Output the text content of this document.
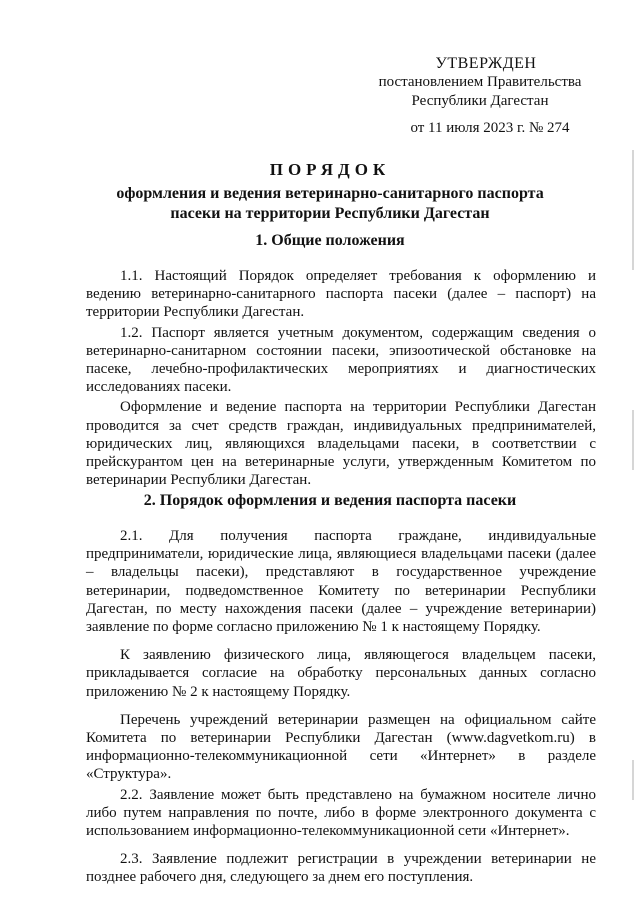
УТВЕРЖДЕН
постановлением Правительства
Республики Дагестан
от 11 июля 2023 г. № 274
ПОРЯДОК
оформления и ведения ветеринарно-санитарного паспорта
пасеки на территории Республики Дагестан
1. Общие положения

1.1. Настоящий Порядок определяет требования к оформлению и ведению ветеринарно-санитарного паспорта пасеки (далее – паспорт) на территории Республики Дагестан.

1.2. Паспорт является учетным документом, содержащим сведения о ветеринарно-санитарном состоянии пасеки, эпизоотической обстановке на пасеке, лечебно-профилактических мероприятиях и диагностических исследованиях пасеки.

Оформление и ведение паспорта на территории Республики Дагестан проводится за счет средств граждан, индивидуальных предпринимателей, юридических лиц, являющихся владельцами пасеки, в соответствии с прейскурантом цен на ветеринарные услуги, утвержденным Комитетом по ветеринарии Республики Дагестан.

2. Порядок оформления и ведения паспорта пасеки

2.1. Для получения паспорта граждане, индивидуальные предприниматели, юридические лица, являющиеся владельцами пасеки (далее – владельцы пасеки), представляют в государственное учреждение ветеринарии, подведомственное Комитету по ветеринарии Республики Дагестан, по месту нахождения пасеки (далее – учреждение ветеринарии) заявление по форме согласно приложению № 1 к настоящему Порядку.

К заявлению физического лица, являющегося владельцем пасеки, прикладывается согласие на обработку персональных данных согласно приложению № 2 к настоящему Порядку.

Перечень учреждений ветеринарии размещен на официальном сайте Комитета по ветеринарии Республики Дагестан (www.dagvetkom.ru) в информационно-телекоммуникационной сети «Интернет» в разделе «Структура».

2.2. Заявление может быть представлено на бумажном носителе лично либо путем направления по почте, либо в форме электронного документа с использованием информационно-телекоммуникационной сети «Интернет».

2.3. Заявление подлежит регистрации в учреждении ветеринарии не позднее рабочего дня, следующего за днем его поступления.
